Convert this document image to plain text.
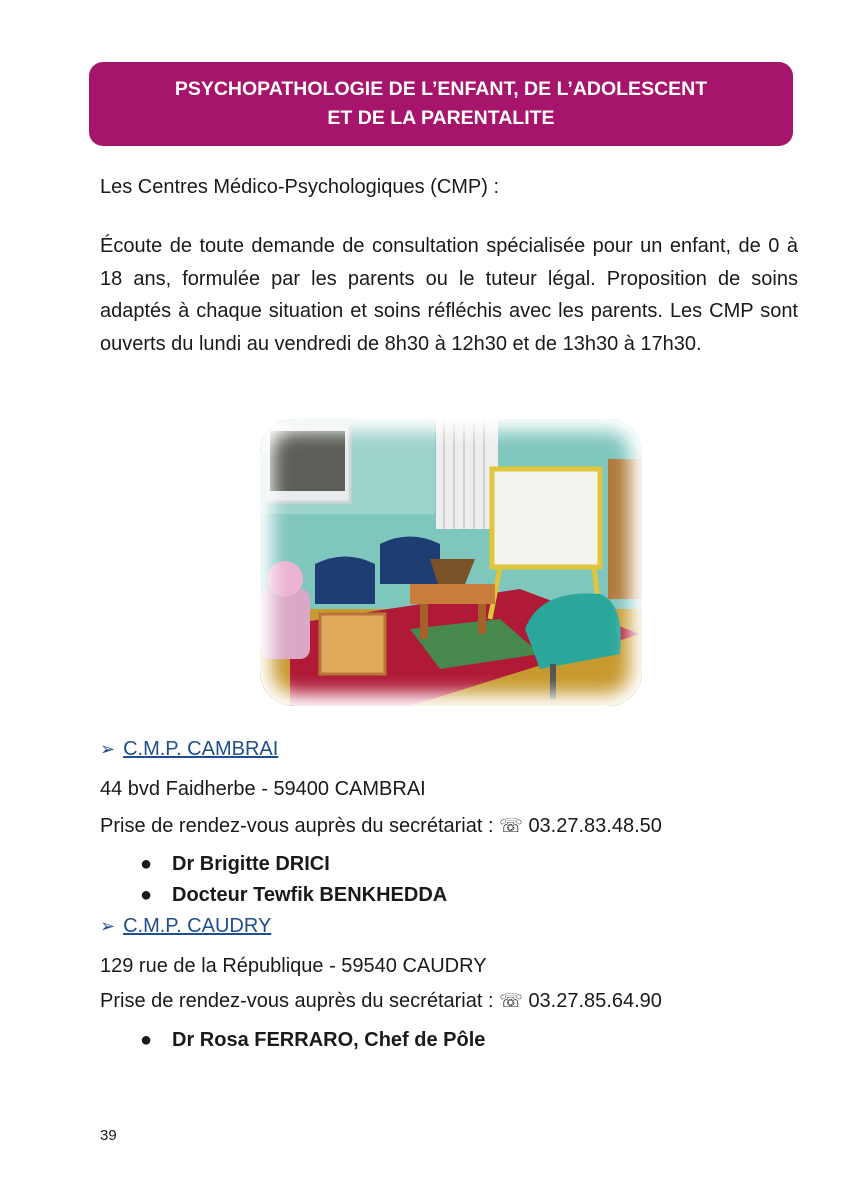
PSYCHOPATHOLOGIE DE L’ENFANT, DE L’ADOLESCENT
ET DE LA PARENTALITE
Les Centres Médico-Psychologiques (CMP) :
Écoute de toute demande de consultation spécialisée pour un enfant, de 0 à 18 ans, formulée par les parents ou le tuteur légal. Proposition de soins adaptés à chaque situation et soins réfléchis avec les parents. Les CMP sont ouverts du lundi au vendredi de 8h30 à 12h30 et de 13h30 à 17h30.
➢ C.M.P. CAMBRAI
44 bvd Faidherbe - 59400 CAMBRAI
Prise de rendez-vous auprès du secrétariat : ☏ 03.27.83.48.50
● Dr Brigitte DRICI
● Docteur Tewfik BENKHEDDA
➢ C.M.P. CAUDRY
129 rue de la République - 59540 CAUDRY
Prise de rendez-vous auprès du secrétariat : ☏ 03.27.85.64.90
● Dr Rosa FERRARO, Chef de Pôle
39
